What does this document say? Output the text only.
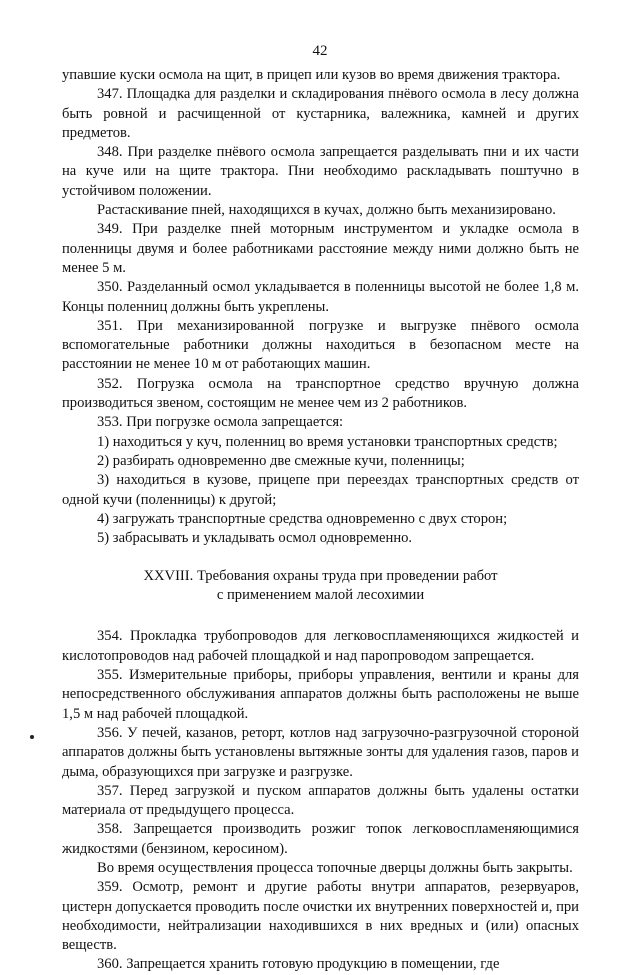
42

упавшие куски осмола на щит, в прицеп или кузов во время движения трактора.

347. Площадка для разделки и складирования пнёвого осмола в лесу должна быть ровной и расчищенной от кустарника, валежника, камней и других предметов.

348. При разделке пнёвого осмола запрещается разделывать пни и их части на куче или на щите трактора. Пни необходимо раскладывать поштучно в устойчивом положении.

Растаскивание пней, находящихся в кучах, должно быть механизировано.

349. При разделке пней моторным инструментом и укладке осмола в поленницы двумя и более работниками расстояние между ними должно быть не менее 5 м.

350. Разделанный осмол укладывается в поленницы высотой не более 1,8 м. Концы поленниц должны быть укреплены.

351. При механизированной погрузке и выгрузке пнёвого осмола вспомогательные работники должны находиться в безопасном месте на расстоянии не менее 10 м от работающих машин.

352. Погрузка осмола на транспортное средство вручную должна производиться звеном, состоящим не менее чем из 2 работников.

353. При погрузке осмола запрещается:

1) находиться у куч, поленниц во время установки транспортных средств;

2) разбирать одновременно две смежные кучи, поленницы;

3) находиться в кузове, прицепе при переездах транспортных средств от одной кучи (поленницы) к другой;

4) загружать транспортные средства одновременно с двух сторон;

5) забрасывать и укладывать осмол одновременно.

XXVIII. Требования охраны труда при проведении работ
с применением малой лесохимии

354. Прокладка трубопроводов для легковоспламеняющихся жидкостей и кислотопроводов над рабочей площадкой и над паропроводом запрещается.

355. Измерительные приборы, приборы управления, вентили и краны для непосредственного обслуживания аппаратов должны быть расположены не выше 1,5 м над рабочей площадкой.

356. У печей, казанов, реторт, котлов над загрузочно-разгрузочной стороной аппаратов должны быть установлены вытяжные зонты для удаления газов, паров и дыма, образующихся при загрузке и разгрузке.

357. Перед загрузкой и пуском аппаратов должны быть удалены остатки материала от предыдущего процесса.

358. Запрещается производить розжиг топок легковоспламеняющимися жидкостями (бензином, керосином).

Во время осуществления процесса топочные дверцы должны быть закрыты.

359. Осмотр, ремонт и другие работы внутри аппаратов, резервуаров, цистерн допускается проводить после очистки их внутренних поверхностей и, при необходимости, нейтрализации находившихся в них вредных и (или) опасных веществ.

360. Запрещается хранить готовую продукцию в помещении, где
